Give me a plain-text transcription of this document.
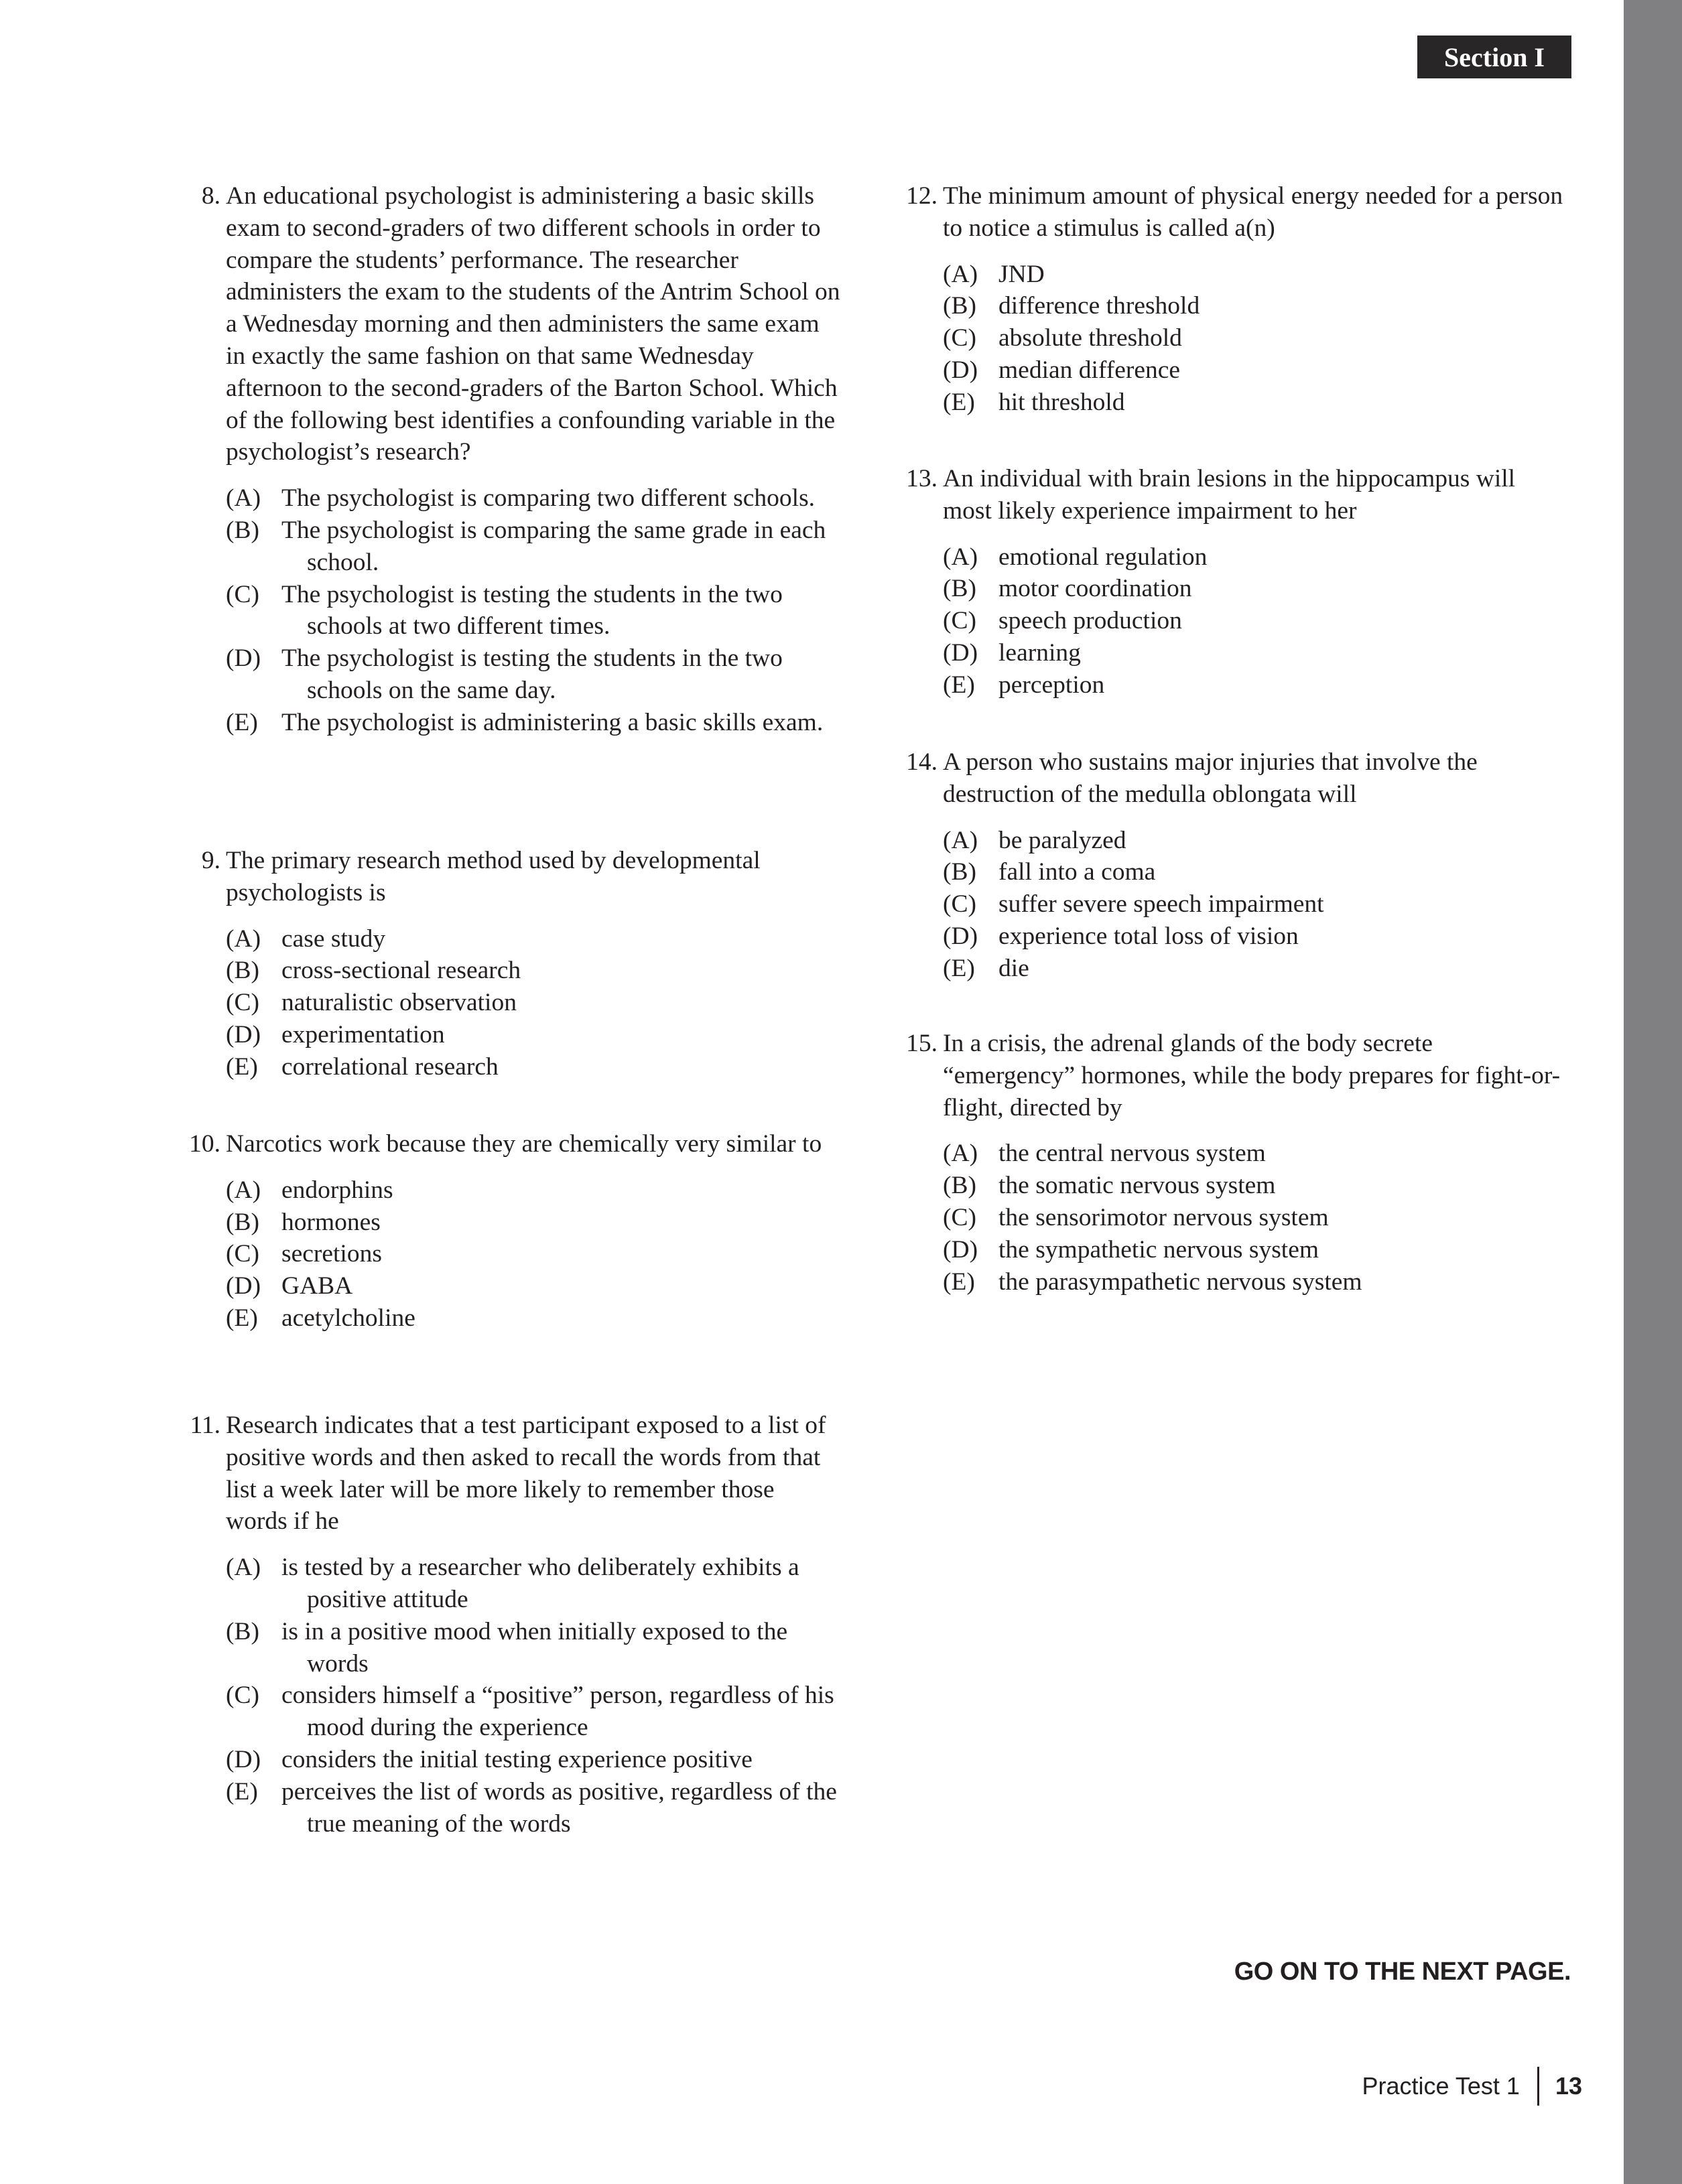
Section I
8. An educational psychologist is administering a basic skills exam to second-graders of two different schools in order to compare the students’ performance. The researcher administers the exam to the students of the Antrim School on a Wednesday morning and then administers the same exam in exactly the same fashion on that same Wednesday afternoon to the second-graders of the Barton School. Which of the following best identifies a confounding variable in the psychologist’s research?
(A) The psychologist is comparing two different schools.
(B) The psychologist is comparing the same grade in each school.
(C) The psychologist is testing the students in the two schools at two different times.
(D) The psychologist is testing the students in the two schools on the same day.
(E) The psychologist is administering a basic skills exam.
9. The primary research method used by developmental psychologists is
(A) case study
(B) cross-sectional research
(C) naturalistic observation
(D) experimentation
(E) correlational research
10. Narcotics work because they are chemically very similar to
(A) endorphins
(B) hormones
(C) secretions
(D) GABA
(E) acetylcholine
11. Research indicates that a test participant exposed to a list of positive words and then asked to recall the words from that list a week later will be more likely to remember those words if he
(A) is tested by a researcher who deliberately exhibits a positive attitude
(B) is in a positive mood when initially exposed to the words
(C) considers himself a “positive” person, regardless of his mood during the experience
(D) considers the initial testing experience positive
(E) perceives the list of words as positive, regardless of the true meaning of the words
12. The minimum amount of physical energy needed for a person to notice a stimulus is called a(n)
(A) JND
(B) difference threshold
(C) absolute threshold
(D) median difference
(E) hit threshold
13. An individual with brain lesions in the hippocampus will most likely experience impairment to her
(A) emotional regulation
(B) motor coordination
(C) speech production
(D) learning
(E) perception
14. A person who sustains major injuries that involve the destruction of the medulla oblongata will
(A) be paralyzed
(B) fall into a coma
(C) suffer severe speech impairment
(D) experience total loss of vision
(E) die
15. In a crisis, the adrenal glands of the body secrete “emergency” hormones, while the body prepares for fight-or-flight, directed by
(A) the central nervous system
(B) the somatic nervous system
(C) the sensorimotor nervous system
(D) the sympathetic nervous system
(E) the parasympathetic nervous system
GO ON TO THE NEXT PAGE.
Practice Test 1 13
